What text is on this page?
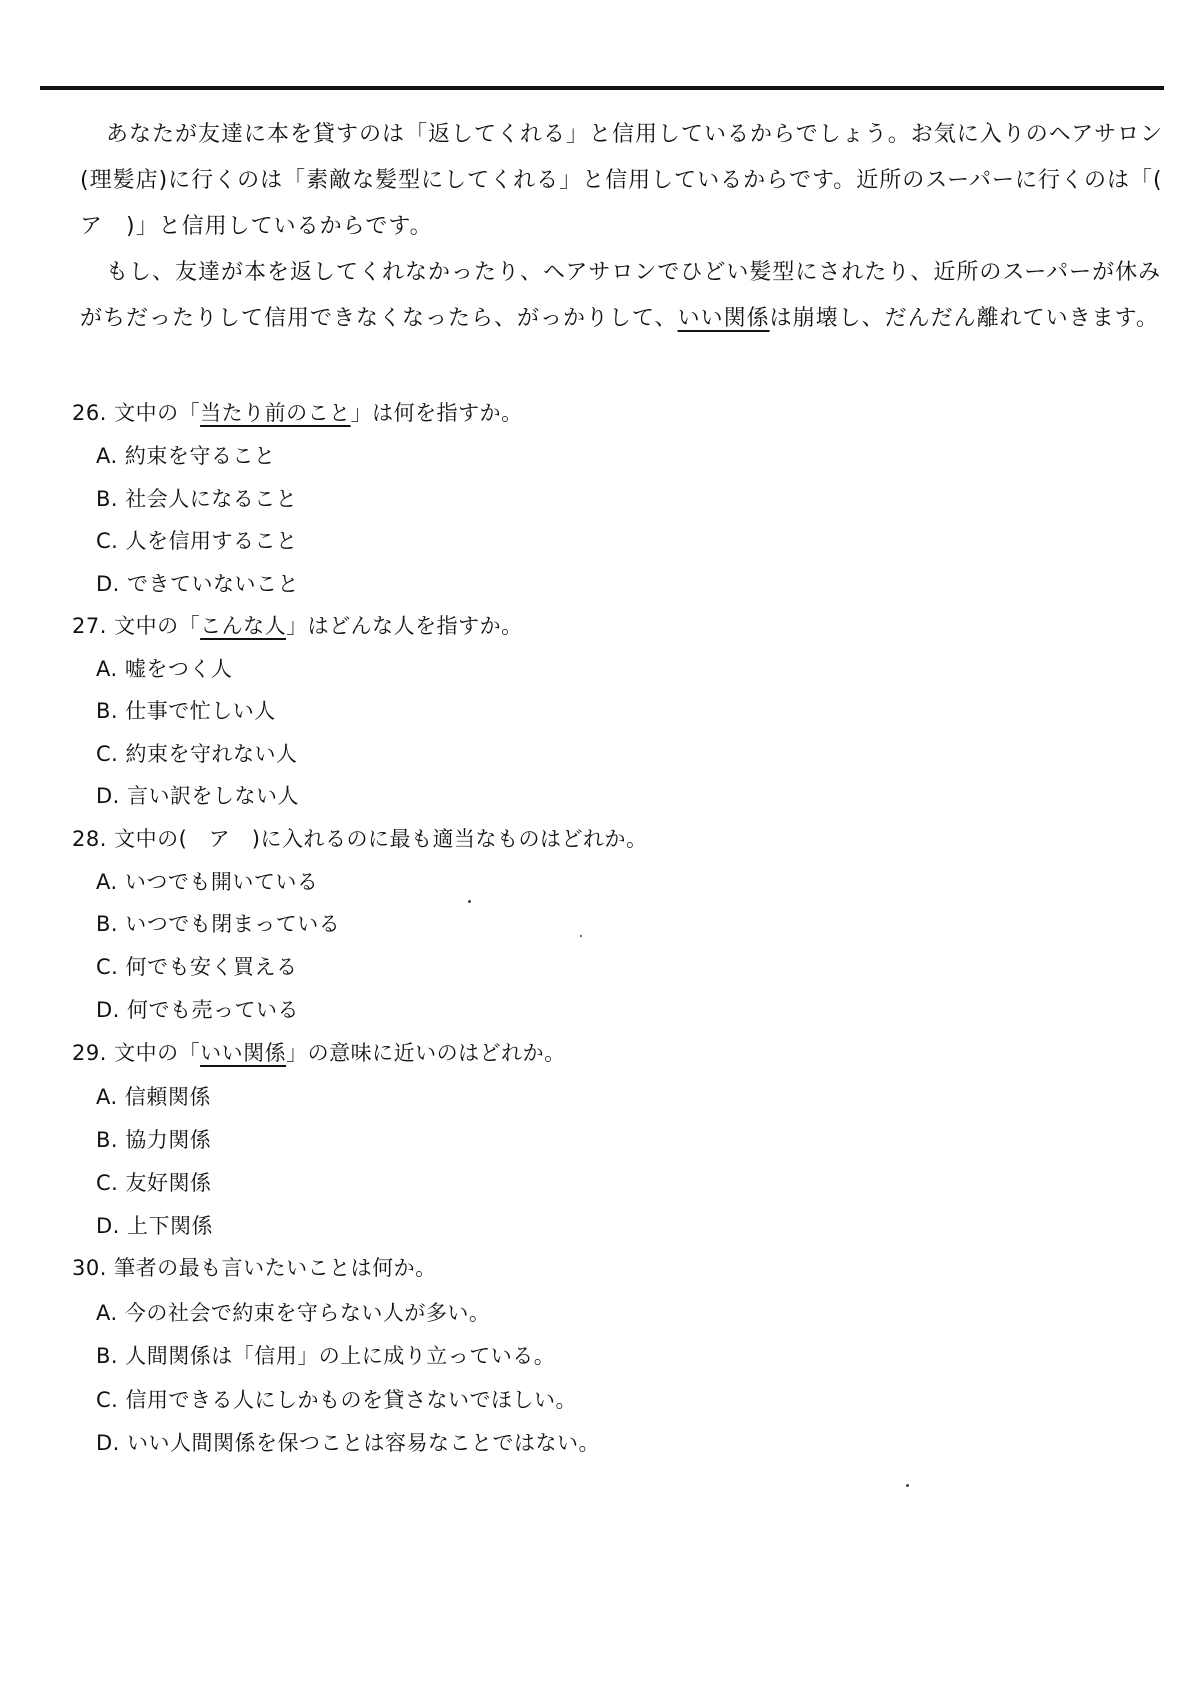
あなたが友達に本を貸すのは「返してくれる」と信用しているからでしょう。お気に入りのヘアサロン(理髪店)に行くのは「素敵な髪型にしてくれる」と信用しているからです。近所のスーパーに行くのは「(　ア　)」と信用しているからです。

もし、友達が本を返してくれなかったり、ヘアサロンでひどい髪型にされたり、近所のスーパーが休みがちだったりして信用できなくなったら、がっかりして、いい関係は崩壊し、だんだん離れていきます。

26. 文中の「当たり前のこと」は何を指すか。
A. 約束を守ること
B. 社会人になること
C. 人を信用すること
D. できていないこと
27. 文中の「こんな人」はどんな人を指すか。
A. 嘘をつく人
B. 仕事で忙しい人
C. 約束を守れない人
D. 言い訳をしない人
28. 文中の(　ア　)に入れるのに最も適当なものはどれか。
A. いつでも開いている
B. いつでも閉まっている
C. 何でも安く買える
D. 何でも売っている
29. 文中の「いい関係」の意味に近いのはどれか。
A. 信頼関係
B. 協力関係
C. 友好関係
D. 上下関係
30. 筆者の最も言いたいことは何か。
A. 今の社会で約束を守らない人が多い。
B. 人間関係は「信用」の上に成り立っている。
C. 信用できる人にしかものを貸さないでほしい。
D. いい人間関係を保つことは容易なことではない。
